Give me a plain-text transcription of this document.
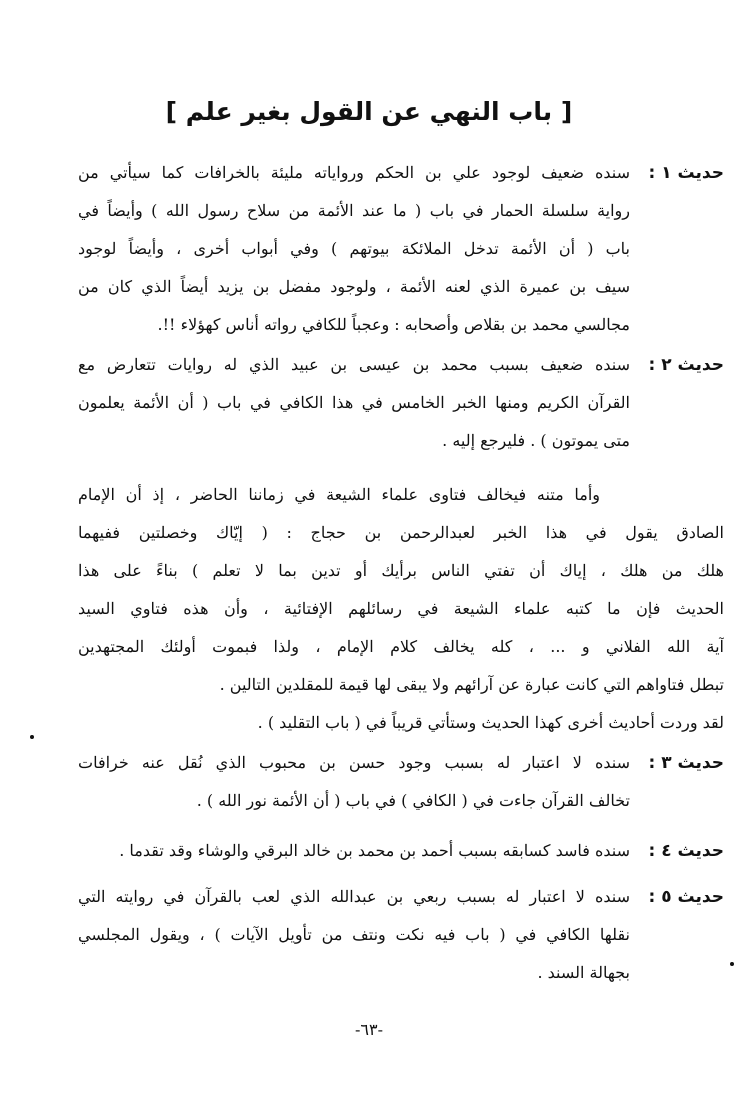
[ باب النهي عن القول بغير علم ]
حديث ١ :
سنده ضعيف لوجود علي بن الحكم ورواياته مليئة بالخرافات كما سيأتي من
رواية سلسلة الحمار في باب ( ما عند الأئمة من سلاح رسول الله ) وأيضاً في
باب ( أن الأئمة تدخل الملائكة بيوتهم ) وفي أبواب أخرى ، وأيضاً لوجود
سيف بن عميرة الذي لعنه الأئمة ، ولوجود مفضل بن يزيد أيضاً الذي كان من
مجالسي محمد بن بقلاص وأصحابه : وعجباً للكافي رواته أناس كهؤلاء !!.
حديث ٢ :
سنده ضعيف بسبب محمد بن عيسى بن عبيد الذي له روايات تتعارض مع
القرآن الكريم ومنها الخبر الخامس في هذا الكافي في باب ( أن الأئمة يعلمون
متى يموتون ) . فليرجع إليه .
وأما متنه فيخالف فتاوى علماء الشيعة في زماننا الحاضر ، إذ أن الإمام
الصادق يقول في هذا الخبر لعبدالرحمن بن حجاج : ( إيّاك وخصلتين ففيهما
هلك من هلك ، إياك أن تفتي الناس برأيك أو تدين بما لا تعلم ) بناءً على هذا
الحديث فإن ما كتبه علماء الشيعة في رسائلهم الإفتائية ، وأن هذه فتاوي السيد
آية الله الفلاني و ... ، كله يخالف كلام الإمام ، ولذا فبموت أولئك المجتهدين
تبطل فتاواهم التي كانت عبارة عن آرائهم ولا يبقى لها قيمة للمقلدين التالين .
لقد وردت أحاديث أخرى كهذا الحديث وستأتي قريباً في ( باب التقليد ) .
حديث ٣ :
سنده لا اعتبار له بسبب وجود حسن بن محبوب الذي نُقل عنه خرافات
تخالف القرآن جاءت في ( الكافي ) في باب ( أن الأئمة نور الله ) .
حديث ٤ :
سنده فاسد كسابقه بسبب أحمد بن محمد بن خالد البرقي والوشاء وقد تقدما .
حديث ٥ :
سنده لا اعتبار له بسبب ربعي بن عبدالله الذي لعب بالقرآن في روايته التي
نقلها الكافي في ( باب فيه نكت ونتف من تأويل الآيات ) ، ويقول المجلسي
بجهالة السند .
-٦٣-
